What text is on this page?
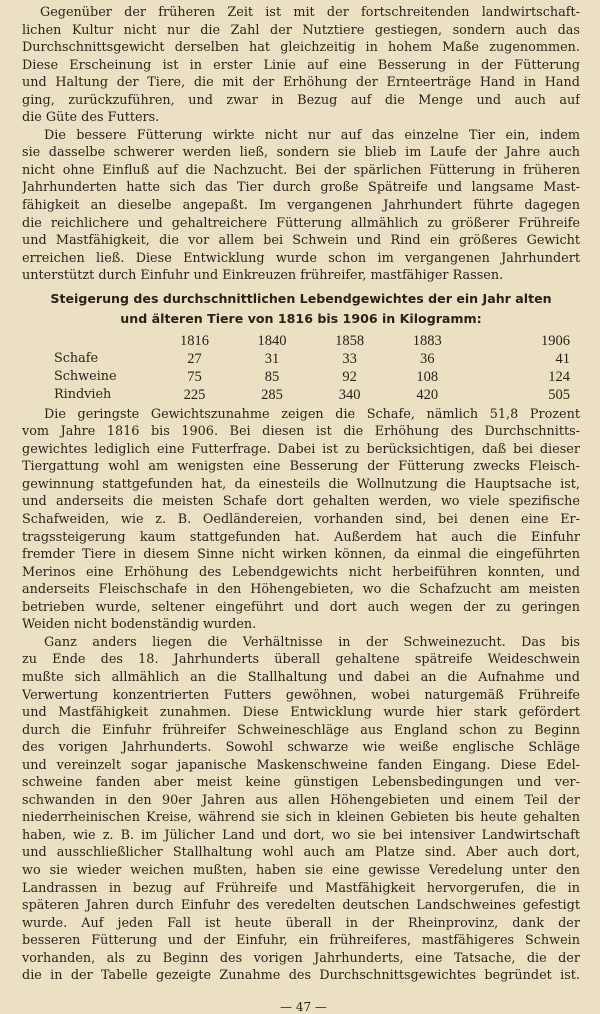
Gegenüber der früheren Zeit ist mit der fortschreitenden landwirtschaft-
lichen Kultur nicht nur die Zahl der Nutztiere gestiegen, sondern auch das
Durchschnittsgewicht derselben hat gleichzeitig in hohem Maße zugenommen.
Diese Erscheinung ist in erster Linie auf eine Besserung in der Fütterung
und Haltung der Tiere, die mit der Erhöhung der Ernteerträge Hand in Hand
ging, zurückzuführen, und zwar in Bezug auf die Menge und auch auf
die Güte des Futters.
Die bessere Fütterung wirkte nicht nur auf das einzelne Tier ein, indem
sie dasselbe schwerer werden ließ, sondern sie blieb im Laufe der Jahre auch
nicht ohne Einfluß auf die Nachzucht. Bei der spärlichen Fütterung in früheren
Jahrhunderten hatte sich das Tier durch große Spätreife und langsame Mast-
fähigkeit an dieselbe angepaßt. Im vergangenen Jahrhundert führte dagegen
die reichlichere und gehaltreichere Fütterung allmählich zu größerer Frühreife
und Mastfähigkeit, die vor allem bei Schwein und Rind ein größeres Gewicht
erreichen ließ. Diese Entwicklung wurde schon im vergangenen Jahrhundert
unterstützt durch Einfuhr und Einkreuzen frühreifer, mastfähiger Rassen.
Steigerung des durchschnittlichen Lebendgewichtes der ein Jahr alten
und älteren Tiere von 1816 bis 1906 in Kilogramm:
	1816	1840	1858	1883	1906
Schafe	27	31	33	36	41
Schweine	75	85	92	108	124
Rindvieh	225	285	340	420	505
Die geringste Gewichtszunahme zeigen die Schafe, nämlich 51,8 Prozent
vom Jahre 1816 bis 1906. Bei diesen ist die Erhöhung des Durchschnitts-
gewichtes lediglich eine Futterfrage. Dabei ist zu berücksichtigen, daß bei dieser
Tiergattung wohl am wenigsten eine Besserung der Fütterung zwecks Fleisch-
gewinnung stattgefunden hat, da einesteils die Wollnutzung die Hauptsache ist,
und anderseits die meisten Schafe dort gehalten werden, wo viele spezifische
Schafweiden, wie z. B. Oedländereien, vorhanden sind, bei denen eine Er-
tragssteigerung kaum stattgefunden hat. Außerdem hat auch die Einfuhr
fremder Tiere in diesem Sinne nicht wirken können, da einmal die eingeführten
Merinos eine Erhöhung des Lebendgewichts nicht herbeiführen konnten, und
anderseits Fleischschafe in den Höhengebieten, wo die Schafzucht am meisten
betrieben wurde, seltener eingeführt und dort auch wegen der zu geringen
Weiden nicht bodenständig wurden.
Ganz anders liegen die Verhältnisse in der Schweinezucht. Das bis
zu Ende des 18. Jahrhunderts überall gehaltene spätreife Weideschwein
mußte sich allmählich an die Stallhaltung und dabei an die Aufnahme und
Verwertung konzentrierten Futters gewöhnen, wobei naturgemäß Frühreife
und Mastfähigkeit zunahmen. Diese Entwicklung wurde hier stark gefördert
durch die Einfuhr frühreifer Schweineschläge aus England schon zu Beginn
des vorigen Jahrhunderts. Sowohl schwarze wie weiße englische Schläge
und vereinzelt sogar japanische Maskenschweine fanden Eingang. Diese Edel-
schweine fanden aber meist keine günstigen Lebensbedingungen und ver-
schwanden in den 90er Jahren aus allen Höhengebieten und einem Teil der
niederrheinischen Kreise, während sie sich in kleinen Gebieten bis heute gehalten
haben, wie z. B. im Jülicher Land und dort, wo sie bei intensiver Landwirtschaft
und ausschließlicher Stallhaltung wohl auch am Platze sind. Aber auch dort,
wo sie wieder weichen mußten, haben sie eine gewisse Veredelung unter den
Landrassen in bezug auf Frühreife und Mastfähigkeit hervorgerufen, die in
späteren Jahren durch Einfuhr des veredelten deutschen Landschweines gefestigt
wurde. Auf jeden Fall ist heute überall in der Rheinprovinz, dank der
besseren Fütterung und der Einfuhr, ein frühreiferes, mastfähigeres Schwein
vorhanden, als zu Beginn des vorigen Jahrhunderts, eine Tatsache, die der
die in der Tabelle gezeigte Zunahme des Durchschnittsgewichtes begründet ist.
— 47 —
